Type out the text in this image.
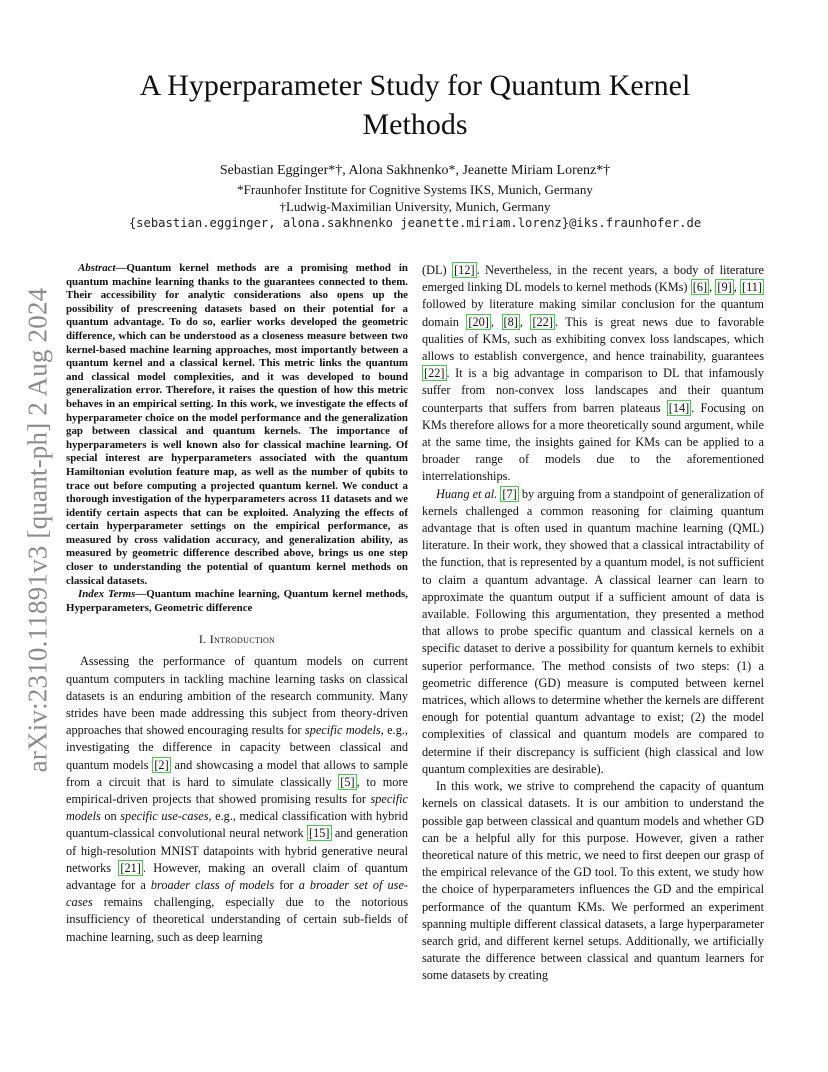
arXiv:2310.11891v3 [quant-ph] 2 Aug 2024
A Hyperparameter Study for Quantum Kernel
Methods
Sebastian Egginger*†, Alona Sakhnenko*, Jeanette Miriam Lorenz*†
*Fraunhofer Institute for Cognitive Systems IKS, Munich, Germany
†Ludwig-Maximilian University, Munich, Germany
{sebastian.egginger, alona.sakhnenko jeanette.miriam.lorenz}@iks.fraunhofer.de

Abstract—Quantum kernel methods are a promising method in quantum machine learning thanks to the guarantees connected to them. Their accessibility for analytic considerations also opens up the possibility of prescreening datasets based on their potential for a quantum advantage. To do so, earlier works developed the geometric difference, which can be understood as a closeness measure between two kernel-based machine learning approaches, most importantly between a quantum kernel and a classical kernel. This metric links the quantum and classical model complexities, and it was developed to bound generalization error. Therefore, it raises the question of how this metric behaves in an empirical setting. In this work, we investigate the effects of hyperparameter choice on the model performance and the generalization gap between classical and quantum kernels. The importance of hyperparameters is well known also for classical machine learning. Of special interest are hyperparameters associated with the quantum Hamiltonian evolution feature map, as well as the number of qubits to trace out before computing a projected quantum kernel. We conduct a thorough investigation of the hyperparameters across 11 datasets and we identify certain aspects that can be exploited. Analyzing the effects of certain hyperparameter settings on the empirical performance, as measured by cross validation accuracy, and generalization ability, as measured by geometric difference described above, brings us one step closer to understanding the potential of quantum kernel methods on classical datasets.

Index Terms—Quantum machine learning, Quantum kernel methods, Hyperparameters, Geometric difference

I. Introduction

Assessing the performance of quantum models on current quantum computers in tackling machine learning tasks on classical datasets is an enduring ambition of the research community. Many strides have been made addressing this subject from theory-driven approaches that showed encouraging results for specific models, e.g., investigating the difference in capacity between classical and quantum models [2] and showcasing a model that allows to sample from a circuit that is hard to simulate classically [5] , to more empirical-driven projects that showed promising results for specific models on specific use-cases, e.g., medical classification with hybrid quantum-classical convolutional neural network [15] and generation of high-resolution MNIST datapoints with hybrid generative neural networks [21] . However, making an overall claim of quantum advantage for a broader class of models for a broader set of use-cases remains challenging, especially due to the notorious insufficiency of theoretical understanding of certain sub-fields of machine learning, such as deep learning

(DL) [12] . Nevertheless, in the recent years, a body of literature emerged linking DL models to kernel methods (KMs) [6] , [9] , [11] followed by literature making similar conclusion for the quantum domain [20] , [8] , [22] . This is great news due to favorable qualities of KMs, such as exhibiting convex loss landscapes, which allows to establish convergence, and hence trainability, guarantees [22] . It is a big advantage in comparison to DL that infamously suffer from non-convex loss landscapes and their quantum counterparts that suffers from barren plateaus [14] . Focusing on KMs therefore allows for a more theoretically sound argument, while at the same time, the insights gained for KMs can be applied to a broader range of models due to the aforementioned interrelationships.

Huang et al. [7] by arguing from a standpoint of generalization of kernels challenged a common reasoning for claiming quantum advantage that is often used in quantum machine learning (QML) literature. In their work, they showed that a classical intractability of the function, that is represented by a quantum model, is not sufficient to claim a quantum advantage. A classical learner can learn to approximate the quantum output if a sufficient amount of data is available. Following this argumentation, they presented a method that allows to probe specific quantum and classical kernels on a specific dataset to derive a possibility for quantum kernels to exhibit superior performance. The method consists of two steps: (1) a geometric difference (GD) measure is computed between kernel matrices, which allows to determine whether the kernels are different enough for potential quantum advantage to exist; (2) the model complexities of classical and quantum models are compared to determine if their discrepancy is sufficient (high classical and low quantum complexities are desirable).

In this work, we strive to comprehend the capacity of quantum kernels on classical datasets. It is our ambition to understand the possible gap between classical and quantum models and whether GD can be a helpful ally for this purpose. However, given a rather theoretical nature of this metric, we need to first deepen our grasp of the empirical relevance of the GD tool. To this extent, we study how the choice of hyperparameters influences the GD and the empirical performance of the quantum KMs. We performed an experiment spanning multiple different classical datasets, a large hyperparameter search grid, and different kernel setups. Additionally, we artificially saturate the difference between classical and quantum learners for some datasets by creating
